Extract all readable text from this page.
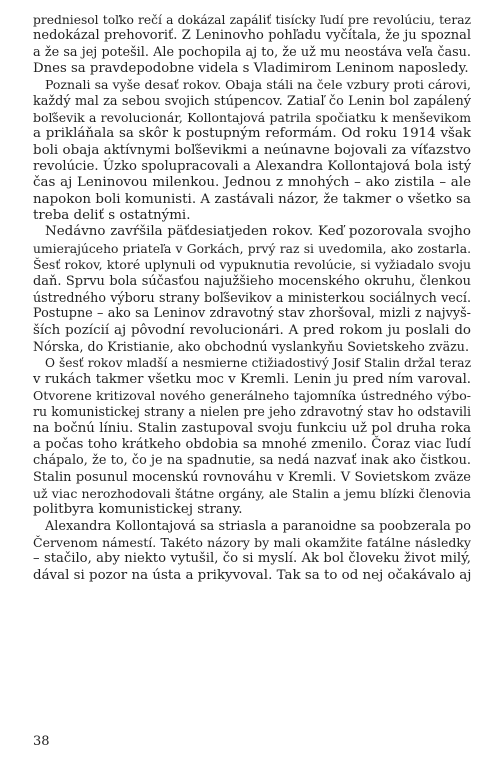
predniesol toľko rečí a dokázal zapáliť tisícky ľudí pre revolúciu, teraz
nedokázal prehovoriť. Z Leninovho pohľadu vyčítala, že ju spoznal
a že sa jej potešil. Ale pochopila aj to, že už mu neostáva veľa času.
Dnes sa pravdepodobne videla s Vladimirom Leninom naposledy.
Poznali sa vyše desať rokov. Obaja stáli na čele vzbury proti cárovi,
každý mal za sebou svojich stúpencov. Zatiaľ čo Lenin bol zapálený
boľševik a revolucionár, Kollontajová patrila spočiatku k menševikom
a prikláňala sa skôr k postupným reformám. Od roku 1914 však
boli obaja aktívnymi boľševikmi a neúnavne bojovali za víťazstvo
revolúcie. Úzko spolupracovali a Alexandra Kollontajová bola istý
čas aj Leninovou milenkou. Jednou z mnohých – ako zistila – ale
napokon boli komunisti. A zastávali názor, že takmer o všetko sa
treba deliť s ostatnými.
Nedávno zavŕšila päťdesiatjeden rokov. Keď pozorovala svojho
umierajúceho priateľa v Gorkách, prvý raz si uvedomila, ako zostarla.
Šesť rokov, ktoré uplynuli od vypuknutia revolúcie, si vyžiadalo svoju
daň. Sprvu bola súčasťou najužšieho mocenského okruhu, členkou
ústredného výboru strany boľševikov a ministerkou sociálnych vecí.
Postupne – ako sa Leninov zdravotný stav zhoršoval, mizli z najvyš-
ších pozícií aj pôvodní revolucionári. A pred rokom ju poslali do
Nórska, do Kristianie, ako obchodnú vyslankyňu Sovietskeho zväzu.
O šesť rokov mladší a nesmierne ctižiadostivý Josif Stalin držal teraz
v rukách takmer všetku moc v Kremli. Lenin ju pred ním varoval.
Otvorene kritizoval nového generálneho tajomníka ústredného výbo-
ru komunistickej strany a nielen pre jeho zdravotný stav ho odstavili
na bočnú líniu. Stalin zastupoval svoju funkciu už pol druha roka
a počas toho krátkeho obdobia sa mnohé zmenilo. Čoraz viac ľudí
chápalo, že to, čo je na spadnutie, sa nedá nazvať inak ako čistkou.
Stalin posunul mocenskú rovnováhu v Kremli. V Sovietskom zväze
už viac nerozhodovali štátne orgány, ale Stalin a jemu blízki členovia
politbyra komunistickej strany.
Alexandra Kollontajová sa striasla a paranoidne sa poobzerala po
Červenom námestí. Takéto názory by mali okamžite fatálne následky
– stačilo, aby niekto vytušil, čo si myslí. Ak bol človeku život milý,
dával si pozor na ústa a prikyvoval. Tak sa to od nej očakávalo aj
38
